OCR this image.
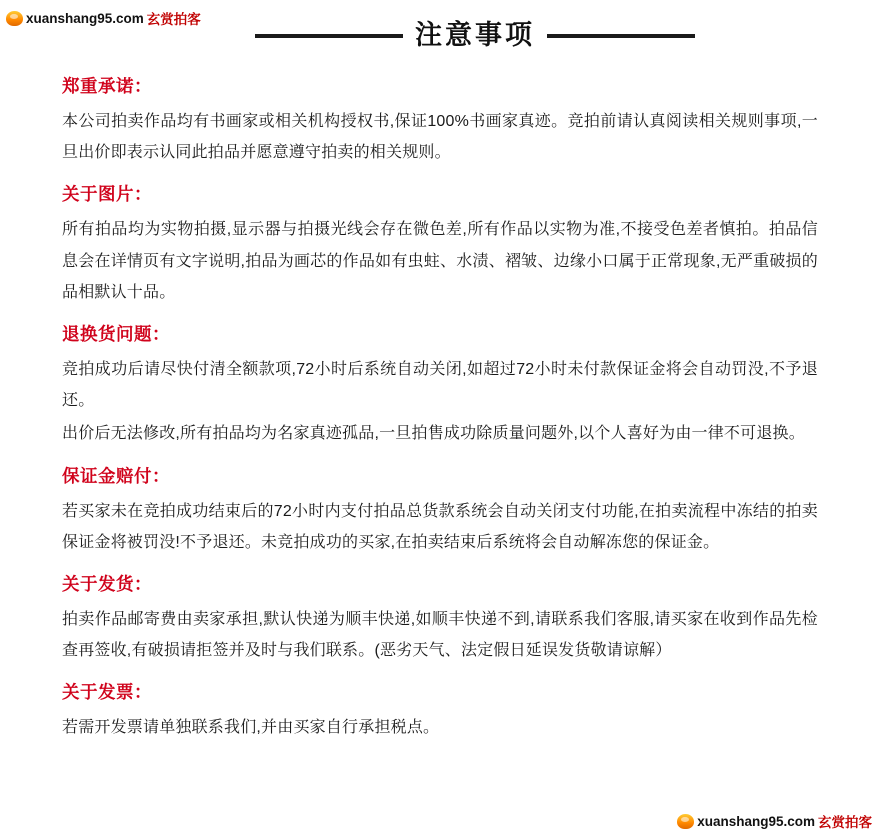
xuanshang95.com 玄赏拍客
注意事项
郑重承诺：

本公司拍卖作品均有书画家或相关机构授权书,保证100%书画家真迹。竞拍前请认真阅读相关规则事项,一旦出价即表示认同此拍品并愿意遵守拍卖的相关规则。

关于图片：

所有拍品均为实物拍摄,显示器与拍摄光线会存在微色差,所有作品以实物为准,不接受色差者慎拍。拍品信息会在详情页有文字说明,拍品为画芯的作品如有虫蛀、水渍、褶皱、边缘小口属于正常现象,无严重破损的品相默认十品。

退换货问题：

竞拍成功后请尽快付清全额款项,72小时后系统自动关闭,如超过72小时未付款保证金将会自动罚没,不予退还。

出价后无法修改,所有拍品均为名家真迹孤品,一旦拍售成功除质量问题外,以个人喜好为由一律不可退换。

保证金赔付：

若买家未在竞拍成功结束后的72小时内支付拍品总货款系统会自动关闭支付功能,在拍卖流程中冻结的拍卖保证金将被罚没!不予退还。未竞拍成功的买家,在拍卖结束后系统将会自动解冻您的保证金。

关于发货：

拍卖作品邮寄费由卖家承担,默认快递为顺丰快递,如顺丰快递不到,请联系我们客服,请买家在收到作品先检查再签收,有破损请拒签并及时与我们联系。(恶劣天气、法定假日延误发货敬请谅解）

关于发票：

若需开发票请单独联系我们,并由买家自行承担税点。

xuanshang95.com 玄赏拍客
